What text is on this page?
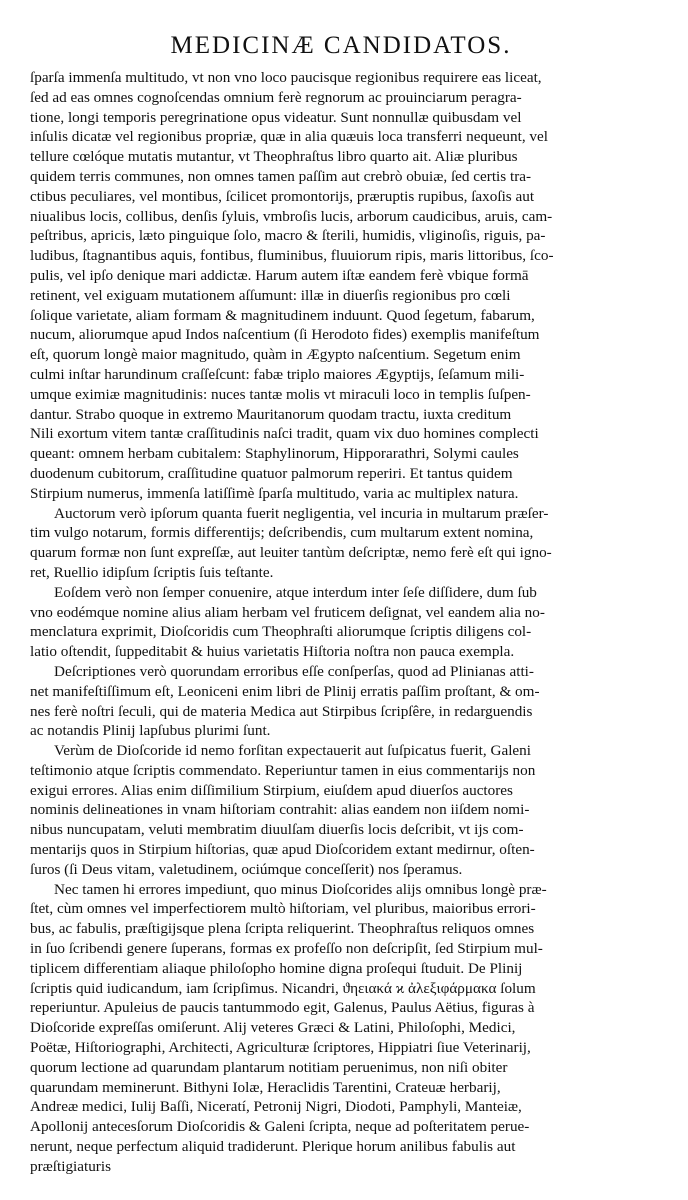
MEDICINÆ CANDIDATOS.
ſparſa immenſa multitudo, vt non vno loco paucisque regionibus requirere eas liceat,
ſed ad eas omnes cognoſcendas omnium ferè regnorum ac prouinciarum peragra-
tione, longi temporis peregrinatione opus videatur. Sunt nonnullæ quibusdam vel
inſulis dicatæ vel regionibus propriæ, quæ in alia quæuis loca transferri nequeunt, vel
tellure cœlóque mutatis mutantur, vt Theophraſtus libro quarto ait. Aliæ pluribus
quidem terris communes, non omnes tamen paſſim aut crebrò obuiæ, ſed certis tra-
ctibus peculiares, vel montibus, ſcilicet promontorijs, præruptis rupibus, ſaxoſis aut
niualibus locis, collibus, denſis ſyluis, vmbroſis lucis, arborum caudicibus, aruis, cam-
peſtribus, apricis, læto pinguique ſolo, macro & ſterili, humidis, vliginoſis, riguis, pa-
ludibus, ſtagnantibus aquis, fontibus, fluminibus, fluuiorum ripis, maris littoribus, ſco-
pulis, vel ipſo denique mari addictæ. Harum autem iſtæ eandem ferè vbique formā
retinent, vel exiguam mutationem aſſumunt: illæ in diuerſis regionibus pro cœli
ſolique varietate, aliam formam & magnitudinem induunt. Quod ſegetum, fabarum,
nucum, aliorumque apud Indos naſcentium (ſi Herodoto fides) exemplis manifeſtum
eſt, quorum longè maior magnitudo, quàm in Ægypto naſcentium. Segetum enim
culmi inſtar harundinum craſſeſcunt: fabæ triplo maiores Ægyptijs, ſeſamum mili-
umque eximiæ magnitudinis: nuces tantæ molis vt miraculi loco in templis ſuſpen-
dantur. Strabo quoque in extremo Mauritanorum quodam tractu, iuxta creditum
Nili exortum vitem tantæ craſſitudinis naſci tradit, quam vix duo homines complecti
queant: omnem herbam cubitalem: Staphylinorum, Hipporarathri, Solymi caules
duodenum cubitorum, craſſitudine quatuor palmorum reperiri. Et tantus quidem
Stirpium numerus, immenſa latiſſimè ſparſa multitudo, varia ac multiplex natura.
Auctorum verò ipſorum quanta fuerit negligentia, vel incuria in multarum præſer-
tim vulgo notarum, formis differentijs; deſcribendis, cum multarum extent nomina,
quarum formæ non ſunt expreſſæ, aut leuiter tantùm deſcriptæ, nemo ferè eſt qui igno-
ret, Ruellio idipſum ſcriptis ſuis teſtante.
Eoſdem verò non ſemper conuenire, atque interdum inter ſeſe diſſidere, dum ſub
vno eodémque nomine alius aliam herbam vel fruticem deſignat, vel eandem alia no-
menclatura exprimit, Dioſcoridis cum Theophraſti aliorumque ſcriptis diligens col-
latio oſtendit, ſuppeditabit & huius varietatis Hiſtoria noſtra non pauca exempla.
Deſcriptiones verò quorundam erroribus eſſe conſperſas, quod ad Plinianas atti-
net manifeſtiſſimum eſt, Leoniceni enim libri de Plinij erratis paſſim proſtant, & om-
nes ferè noſtri ſeculi, qui de materia Medica aut Stirpibus ſcripſêre, in redarguendis
ac notandis Plinij lapſubus plurimi ſunt.
Verùm de Dioſcoride id nemo forſitan expectauerit aut ſuſpicatus fuerit, Galeni
teſtimonio atque ſcriptis commendato. Reperiuntur tamen in eius commentarijs non
exigui errores. Alias enim diſſimilium Stirpium, eiuſdem apud diuerſos auctores
nominis delineationes in vnam hiſtoriam contrahit: alias eandem non iiſdem nomi-
nibus nuncupatam, veluti membratim diuulſam diuerſis locis deſcribit, vt ijs com-
mentarijs quos in Stirpium hiſtorias, quæ apud Dioſcoridem extant medirnur, oſten-
ſuros (ſi Deus vitam, valetudinem, ociúmque conceſſerit) nos ſperamus.
Nec tamen hi errores impediunt, quo minus Dioſcorides alijs omnibus longè præ-
ſtet, cùm omnes vel imperfectiorem multò hiſtoriam, vel pluribus, maioribus errori-
bus, ac fabulis, præſtigijsque plena ſcripta reliquerint. Theophraſtus reliquos omnes
in ſuo ſcribendi genere ſuperans, formas ex profeſſo non deſcripſit, ſed Stirpium mul-
tiplicem differentiam aliaque philoſopho homine digna proſequi ſtuduit. De Plinij
ſcriptis quid iudicandum, iam ſcripſimus. Nicandri, ϑηειακά ϰ ἀλεξιφάρμακα ſolum
reperiuntur. Apuleius de paucis tantummodo egit, Galenus, Paulus Aëtius, figuras à
Dioſcoride expreſſas omiſerunt. Alij veteres Græci & Latini, Philoſophi, Medici,
Poëtæ, Hiſtoriographi, Architecti, Agriculturæ ſcriptores, Hippiatri ſiue Veterinarij,
quorum lectione ad quarundam plantarum notitiam peruenimus, non niſi obiter
quarundam meminerunt. Bithyni Iolæ, Heraclidis Tarentini, Crateuæ herbarij,
Andreæ medici, Iulij Baſſi, Niceratí, Petronij Nigri, Diodoti, Pamphyli, Manteiæ,
Apollonij antecesſorum Dioſcoridis & Galeni ſcripta, neque ad poſteritatem perue-
nerunt, neque perfectum aliquid tradiderunt. Plerique horum anilibus fabulis aut
præſtigiaturis
